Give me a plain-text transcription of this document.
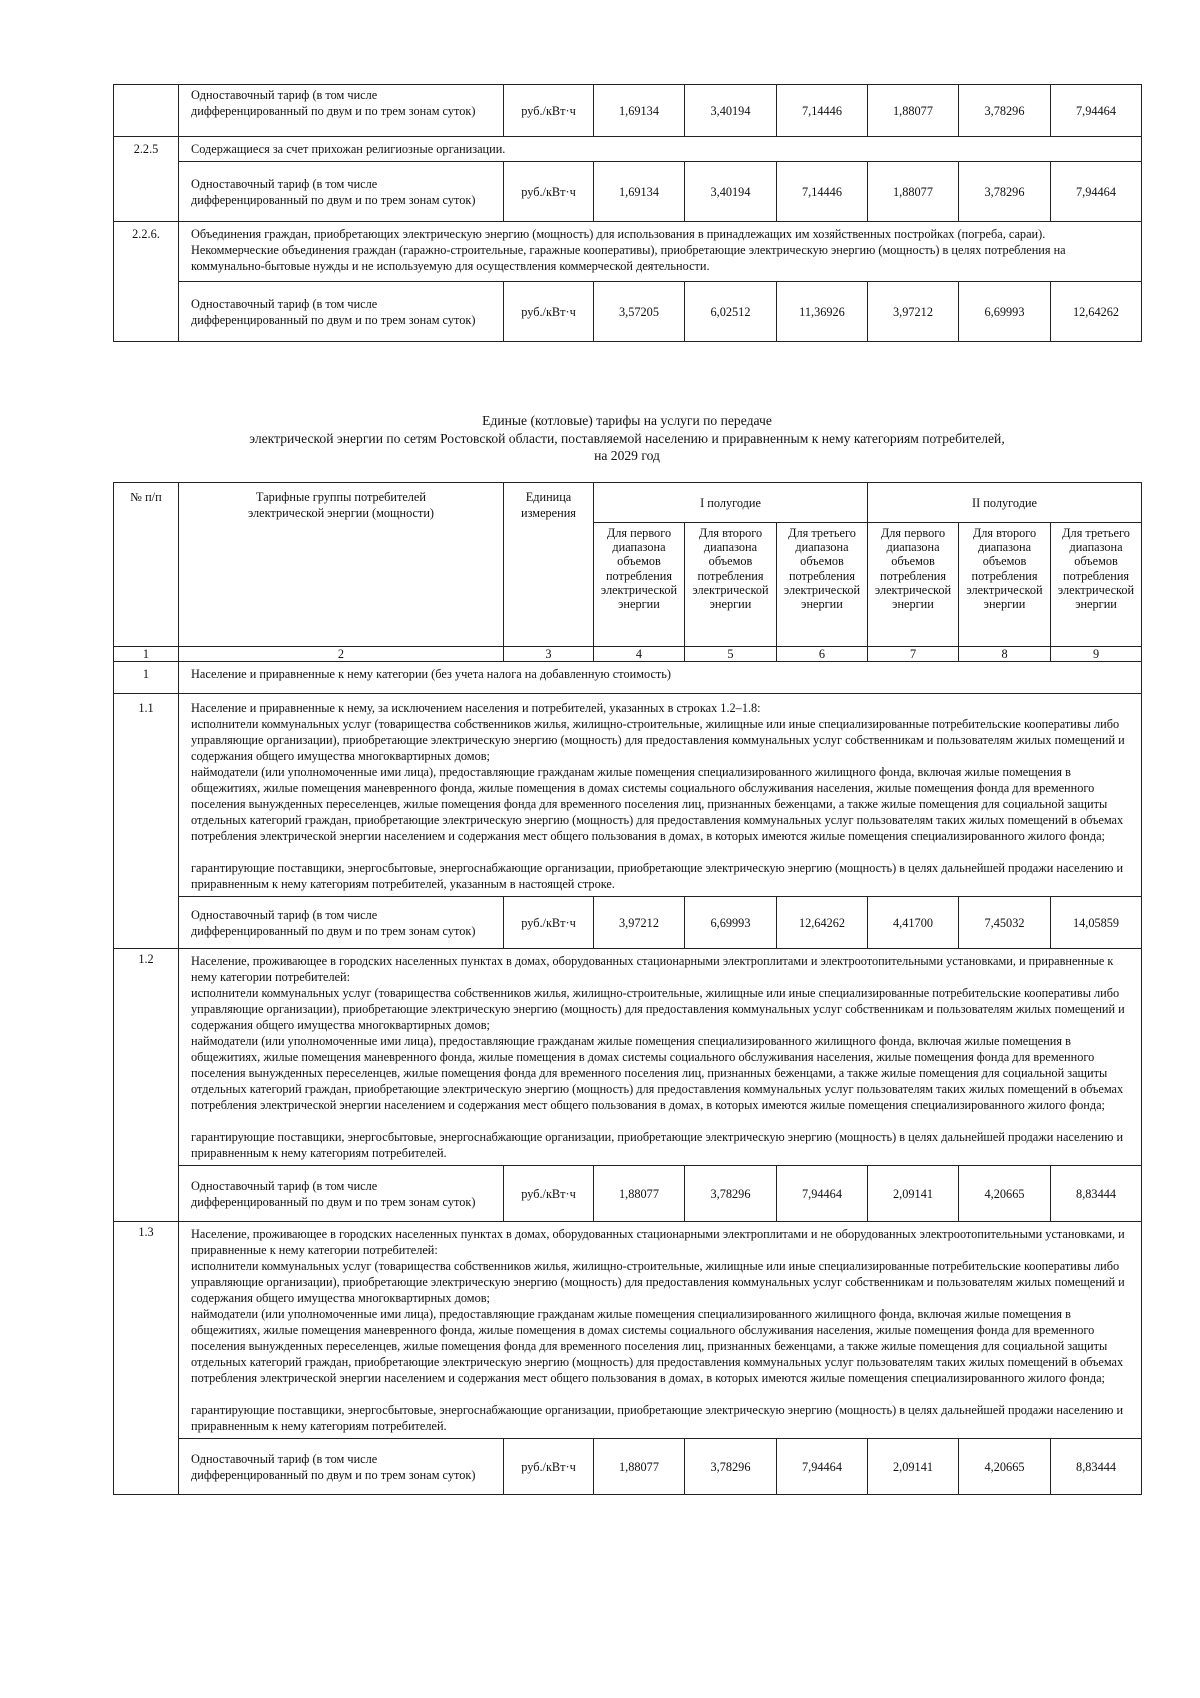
	Одноставочный тариф (в том числе дифференцированный по двум и по трем зонам суток)	руб./кВт·ч	1,69134	3,40194	7,14446	1,88077	3,78296	7,94464
2.2.5	Содержащиеся за счет прихожан религиозные организации.							
	Одноставочный тариф (в том числе дифференцированный по двум и по трем зонам суток)	руб./кВт·ч	1,69134	3,40194	7,14446	1,88077	3,78296	7,94464
2.2.6.	Объединения граждан, приобретающих электрическую энергию (мощность) для использования в принадлежащих им хозяйственных постройках (погреба, сараи). Некоммерческие объединения граждан (гаражно-строительные, гаражные кооперативы), приобретающие электрическую энергию (мощность) в целях потребления на коммунально-бытовые нужды и не используемую для осуществления коммерческой деятельности.							
	Одноставочный тариф (в том числе дифференцированный по двум и по трем зонам суток)	руб./кВт·ч	3,57205	6,02512	11,36926	3,97212	6,69993	12,64262
Единые (котловые) тарифы на услуги по передаче
электрической энергии по сетям Ростовской области, поставляемой населению и приравненным к нему категориям потребителей,
на 2029 год
№ п/п	Тарифные группы потребителей электрической энергии (мощности)	Единица измерения	I полугодие			II полугодие		
			Для первого диапазона объемов потребления электрической энергии	Для второго диапазона объемов потребления электрической энергии	Для третьего диапазона объемов потребления электрической энергии	Для первого диапазона объемов потребления электрической энергии	Для второго диапазона объемов потребления электрической энергии	Для третьего диапазона объемов потребления электрической энергии
1	2	3	4	5	6	7	8	9
1	Население и приравненные к нему категории (без учета налога на добавленную стоимость)							
1.1	Население и приравненные к нему, за исключением населения и потребителей, указанных в строках 1.2–1.8:

исполнители коммунальных услуг (товарищества собственников жилья, жилищно-строительные, жилищные или иные специализированные потребительские кооперативы либо управляющие организации), приобретающие электрическую энергию (мощность) для предоставления коммунальных услуг собственникам и пользователям жилых помещений и содержания общего имущества многоквартирных домов;

наймодатели (или уполномоченные ими лица), предоставляющие гражданам жилые помещения специализированного жилищного фонда, включая жилые помещения в общежитиях, жилые помещения маневренного фонда, жилые помещения в домах системы социального обслуживания населения, жилые помещения фонда для временного поселения вынужденных переселенцев, жилые помещения фонда для временного поселения лиц, признанных беженцами, а также жилые помещения для социальной защиты отдельных категорий граждан, приобретающие электрическую энергию (мощность) для предоставления коммунальных услуг пользователям таких жилых помещений в объемах потребления электрической энергии населением и содержания мест общего пользования в домах, в которых имеются жилые помещения специализированного жилого фонда;

гарантирующие поставщики, энергосбытовые, энергоснабжающие организации, приобретающие электрическую энергию (мощность) в целях дальнейшей продажи населению и приравненным к нему категориям потребителей, указанным в настоящей строке.							

	Одноставочный тариф (в том числе дифференцированный по двум и по трем зонам суток)	руб./кВт·ч	3,97212	6,69993	12,64262	4,41700	7,45032	14,05859
1.2	Население, проживающее в городских населенных пунктах в домах, оборудованных стационарными электроплитами и электроотопительными установками, и приравненные к нему категории потребителей:

исполнители коммунальных услуг (товарищества собственников жилья, жилищно-строительные, жилищные или иные специализированные потребительские кооперативы либо управляющие организации), приобретающие электрическую энергию (мощность) для предоставления коммунальных услуг собственникам и пользователям жилых помещений и содержания общего имущества многоквартирных домов;

наймодатели (или уполномоченные ими лица), предоставляющие гражданам жилые помещения специализированного жилищного фонда, включая жилые помещения в общежитиях, жилые помещения маневренного фонда, жилые помещения в домах системы социального обслуживания населения, жилые помещения фонда для временного поселения вынужденных переселенцев, жилые помещения фонда для временного поселения лиц, признанных беженцами, а также жилые помещения для социальной защиты отдельных категорий граждан, приобретающие электрическую энергию (мощность) для предоставления коммунальных услуг пользователям таких жилых помещений в объемах потребления электрической энергии населением и содержания мест общего пользования в домах, в которых имеются жилые помещения специализированного жилого фонда;

гарантирующие поставщики, энергосбытовые, энергоснабжающие организации, приобретающие электрическую энергию (мощность) в целях дальнейшей продажи населению и приравненным к нему категориям потребителей.							

	Одноставочный тариф (в том числе дифференцированный по двум и по трем зонам суток)	руб./кВт·ч	1,88077	3,78296	7,94464	2,09141	4,20665	8,83444
1.3	Население, проживающее в городских населенных пунктах в домах, оборудованных стационарными электроплитами и не оборудованных электроотопительными установками, и приравненные к нему категории потребителей:

исполнители коммунальных услуг (товарищества собственников жилья, жилищно-строительные, жилищные или иные специализированные потребительские кооперативы либо управляющие организации), приобретающие электрическую энергию (мощность) для предоставления коммунальных услуг собственникам и пользователям жилых помещений и содержания общего имущества многоквартирных домов;

наймодатели (или уполномоченные ими лица), предоставляющие гражданам жилые помещения специализированного жилищного фонда, включая жилые помещения в общежитиях, жилые помещения маневренного фонда, жилые помещения в домах системы социального обслуживания населения, жилые помещения фонда для временного поселения вынужденных переселенцев, жилые помещения фонда для временного поселения лиц, признанных беженцами, а также жилые помещения для социальной защиты отдельных категорий граждан, приобретающие электрическую энергию (мощность) для предоставления коммунальных услуг пользователям таких жилых помещений в объемах потребления электрической энергии населением и содержания мест общего пользования в домах, в которых имеются жилые помещения специализированного жилого фонда;

гарантирующие поставщики, энергосбытовые, энергоснабжающие организации, приобретающие электрическую энергию (мощность) в целях дальнейшей продажи населению и приравненным к нему категориям потребителей.							

	Одноставочный тариф (в том числе дифференцированный по двум и по трем зонам суток)	руб./кВт·ч	1,88077	3,78296	7,94464	2,09141	4,20665	8,83444
